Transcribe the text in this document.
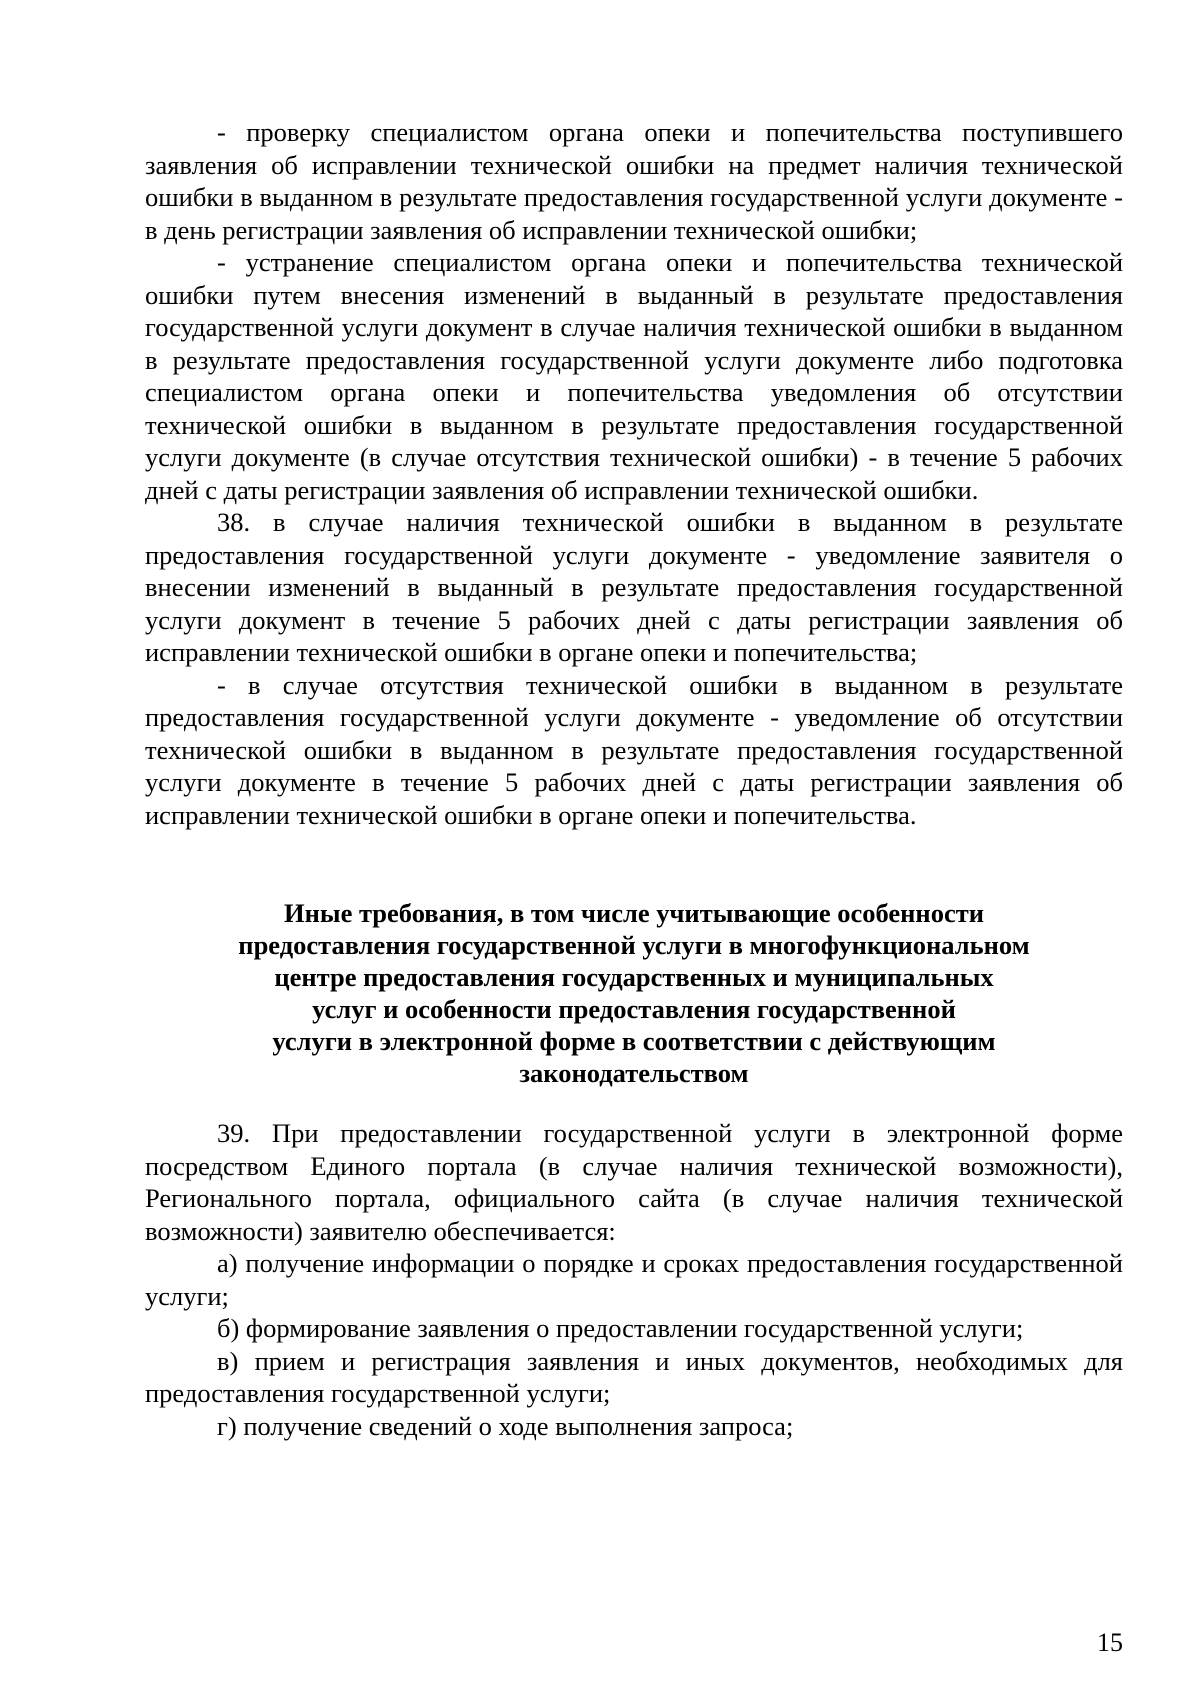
- проверку специалистом органа опеки и попечительства поступившего заявления об исправлении технической ошибки на предмет наличия технической ошибки в выданном в результате предоставления государственной услуги документе - в день регистрации заявления об исправлении технической ошибки;

- устранение специалистом органа опеки и попечительства технической ошибки путем внесения изменений в выданный в результате предоставления государственной услуги документ в случае наличия технической ошибки в выданном в результате предоставления государственной услуги документе либо подготовка специалистом органа опеки и попечительства уведомления об отсутствии технической ошибки в выданном в результате предоставления государственной услуги документе (в случае отсутствия технической ошибки) - в течение 5 рабочих дней с даты регистрации заявления об исправлении технической ошибки.

38. в случае наличия технической ошибки в выданном в результате предоставления государственной услуги документе - уведомление заявителя о внесении изменений в выданный в результате предоставления государственной услуги документ в течение 5 рабочих дней с даты регистрации заявления об исправлении технической ошибки в органе опеки и попечительства;

- в случае отсутствия технической ошибки в выданном в результате предоставления государственной услуги документе - уведомление об отсутствии технической ошибки в выданном в результате предоставления государственной услуги документе в течение 5 рабочих дней с даты регистрации заявления об исправлении технической ошибки в органе опеки и попечительства.

Иные требования, в том числе учитывающие особенности
предоставления государственной услуги в многофункциональном
центре предоставления государственных и муниципальных
услуг и особенности предоставления государственной
услуги в электронной форме в соответствии с действующим
законодательством

39. При предоставлении государственной услуги в электронной форме посредством Единого портала (в случае наличия технической возможности), Регионального портала, официального сайта (в случае наличия технической возможности) заявителю обеспечивается:

а) получение информации о порядке и сроках предоставления государственной услуги;

б) формирование заявления о предоставлении государственной услуги;

в) прием и регистрация заявления и иных документов, необходимых для предоставления государственной услуги;

г) получение сведений о ходе выполнения запроса;

15
